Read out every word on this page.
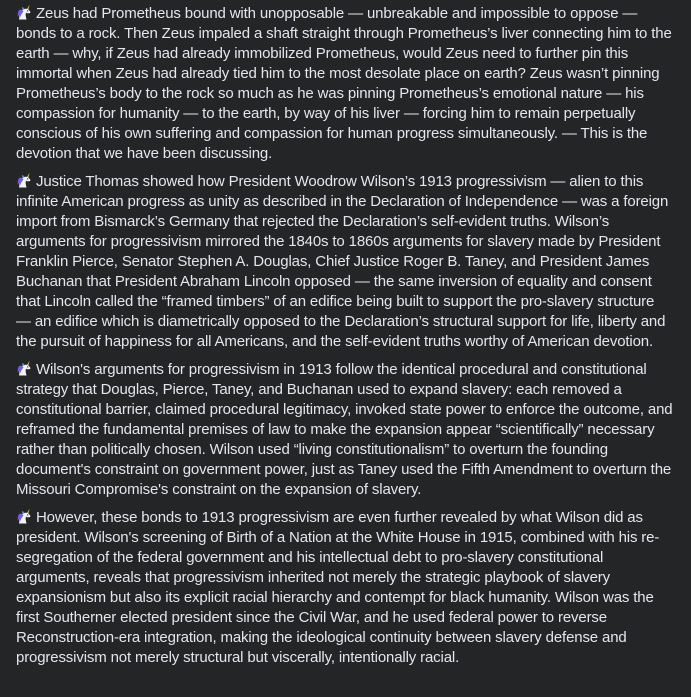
Zeus had Prometheus bound with unopposable — unbreakable and impossible to oppose — bonds to a rock. Then Zeus impaled a shaft straight through Prometheus’s liver connecting him to the earth — why, if Zeus had already immobilized Prometheus, would Zeus need to further pin this immortal when Zeus had already tied him to the most desolate place on earth? Zeus wasn’t pinning Prometheus’s body to the rock so much as he was pinning Prometheus’s emotional nature — his compassion for humanity — to the earth, by way of his liver — forcing him to remain perpetually conscious of his own suffering and compassion for human progress simultaneously. — This is the devotion that we have been discussing.

Justice Thomas showed how President Woodrow Wilson’s 1913 progressivism — alien to this infinite American progress as unity as described in the Declaration of Independence — was a foreign import from Bismarck’s Germany that rejected the Declaration’s self-evident truths. Wilson’s arguments for progressivism mirrored the 1840s to 1860s arguments for slavery made by President Franklin Pierce, Senator Stephen A. Douglas, Chief Justice Roger B. Taney, and President James Buchanan that President Abraham Lincoln opposed — the same inversion of equality and consent that Lincoln called the “framed timbers” of an edifice being built to support the pro-slavery structure — an edifice which is diametrically opposed to the Declaration’s structural support for life, liberty and the pursuit of happiness for all Americans, and the self-evident truths worthy of American devotion.

Wilson's arguments for progressivism in 1913 follow the identical procedural and constitutional strategy that Douglas, Pierce, Taney, and Buchanan used to expand slavery: each removed a constitutional barrier, claimed procedural legitimacy, invoked state power to enforce the outcome, and reframed the fundamental premises of law to make the expansion appear “scientifically” necessary rather than politically chosen. Wilson used “living constitutionalism” to overturn the founding document's constraint on government power, just as Taney used the Fifth Amendment to overturn the Missouri Compromise's constraint on the expansion of slavery.

However, these bonds to 1913 progressivism are even further revealed by what Wilson did as president. Wilson's screening of Birth of a Nation at the White House in 1915, combined with his re-segregation of the federal government and his intellectual debt to pro-slavery constitutional arguments, reveals that progressivism inherited not merely the strategic playbook of slavery expansionism but also its explicit racial hierarchy and contempt for black humanity. Wilson was the first Southerner elected president since the Civil War, and he used federal power to reverse Reconstruction-era integration, making the ideological continuity between slavery defense and progressivism not merely structural but viscerally, intentionally racial.
